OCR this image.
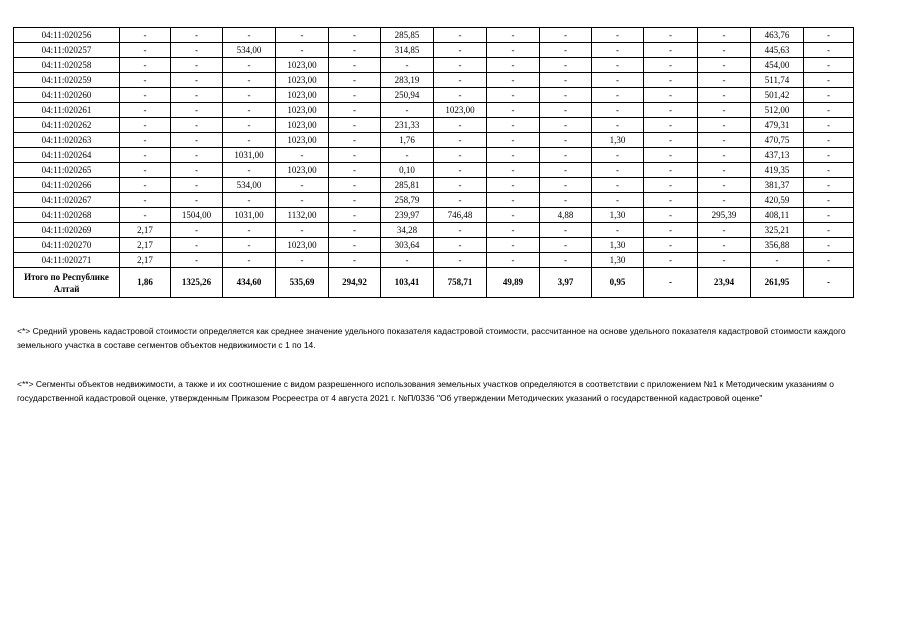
04:11:020256	-	-	-	-	-	285,85	-	-	-	-	-	-	463,76	-
04:11:020257	-	-	534,00	-	-	314,85	-	-	-	-	-	-	445,63	-
04:11:020258	-	-	-	1023,00	-	-	-	-	-	-	-	-	454,00	-
04:11:020259	-	-	-	1023,00	-	283,19	-	-	-	-	-	-	511,74	-
04:11:020260	-	-	-	1023,00	-	250,94	-	-	-	-	-	-	501,42	-
04:11:020261	-	-	-	1023,00	-	-	1023,00	-	-	-	-	-	512,00	-
04:11:020262	-	-	-	1023,00	-	231,33	-	-	-	-	-	-	479,31	-
04:11:020263	-	-	-	1023,00	-	1,76	-	-	-	1,30	-	-	470,75	-
04:11:020264	-	-	1031,00	-	-	-	-	-	-	-	-	-	437,13	-
04:11:020265	-	-	-	1023,00	-	0,10	-	-	-	-	-	-	419,35	-
04:11:020266	-	-	534,00	-	-	285,81	-	-	-	-	-	-	381,37	-
04:11:020267	-	-	-	-	-	258,79	-	-	-	-	-	-	420,59	-
04:11:020268	-	1504,00	1031,00	1132,00	-	239,97	746,48	-	4,88	1,30	-	295,39	408,11	-
04:11:020269	2,17	-	-	-	-	34,28	-	-	-	-	-	-	325,21	-
04:11:020270	2,17	-	-	1023,00	-	303,64	-	-	-	1,30	-	-	356,88	-
04:11:020271	2,17	-	-	-	-	-	-	-	-	1,30	-	-	-	-
Итого по Республике Алтай	1,86	1325,26	434,60	535,69	294,92	103,41	758,71	49,89	3,97	0,95	-	23,94	261,95	-
<*> Средний уровень кадастровой стоимости определяется как среднее значение удельного показателя кадастровой стоимости, рассчитанное на основе удельного показателя кадастровой стоимости каждого земельного участка в составе сегментов объектов недвижимости с 1 по 14.
<**> Сегменты объектов недвижимости, а также и их соотношение с видом разрешенного использования земельных участков определяются в соответствии с приложением №1 к Методическим указаниям о государственной кадастровой оценке, утвержденным Приказом Росреестра от 4 августа 2021 г. №П/0336 "Об утверждении Методических указаний о государственной кадастровой оценке"
